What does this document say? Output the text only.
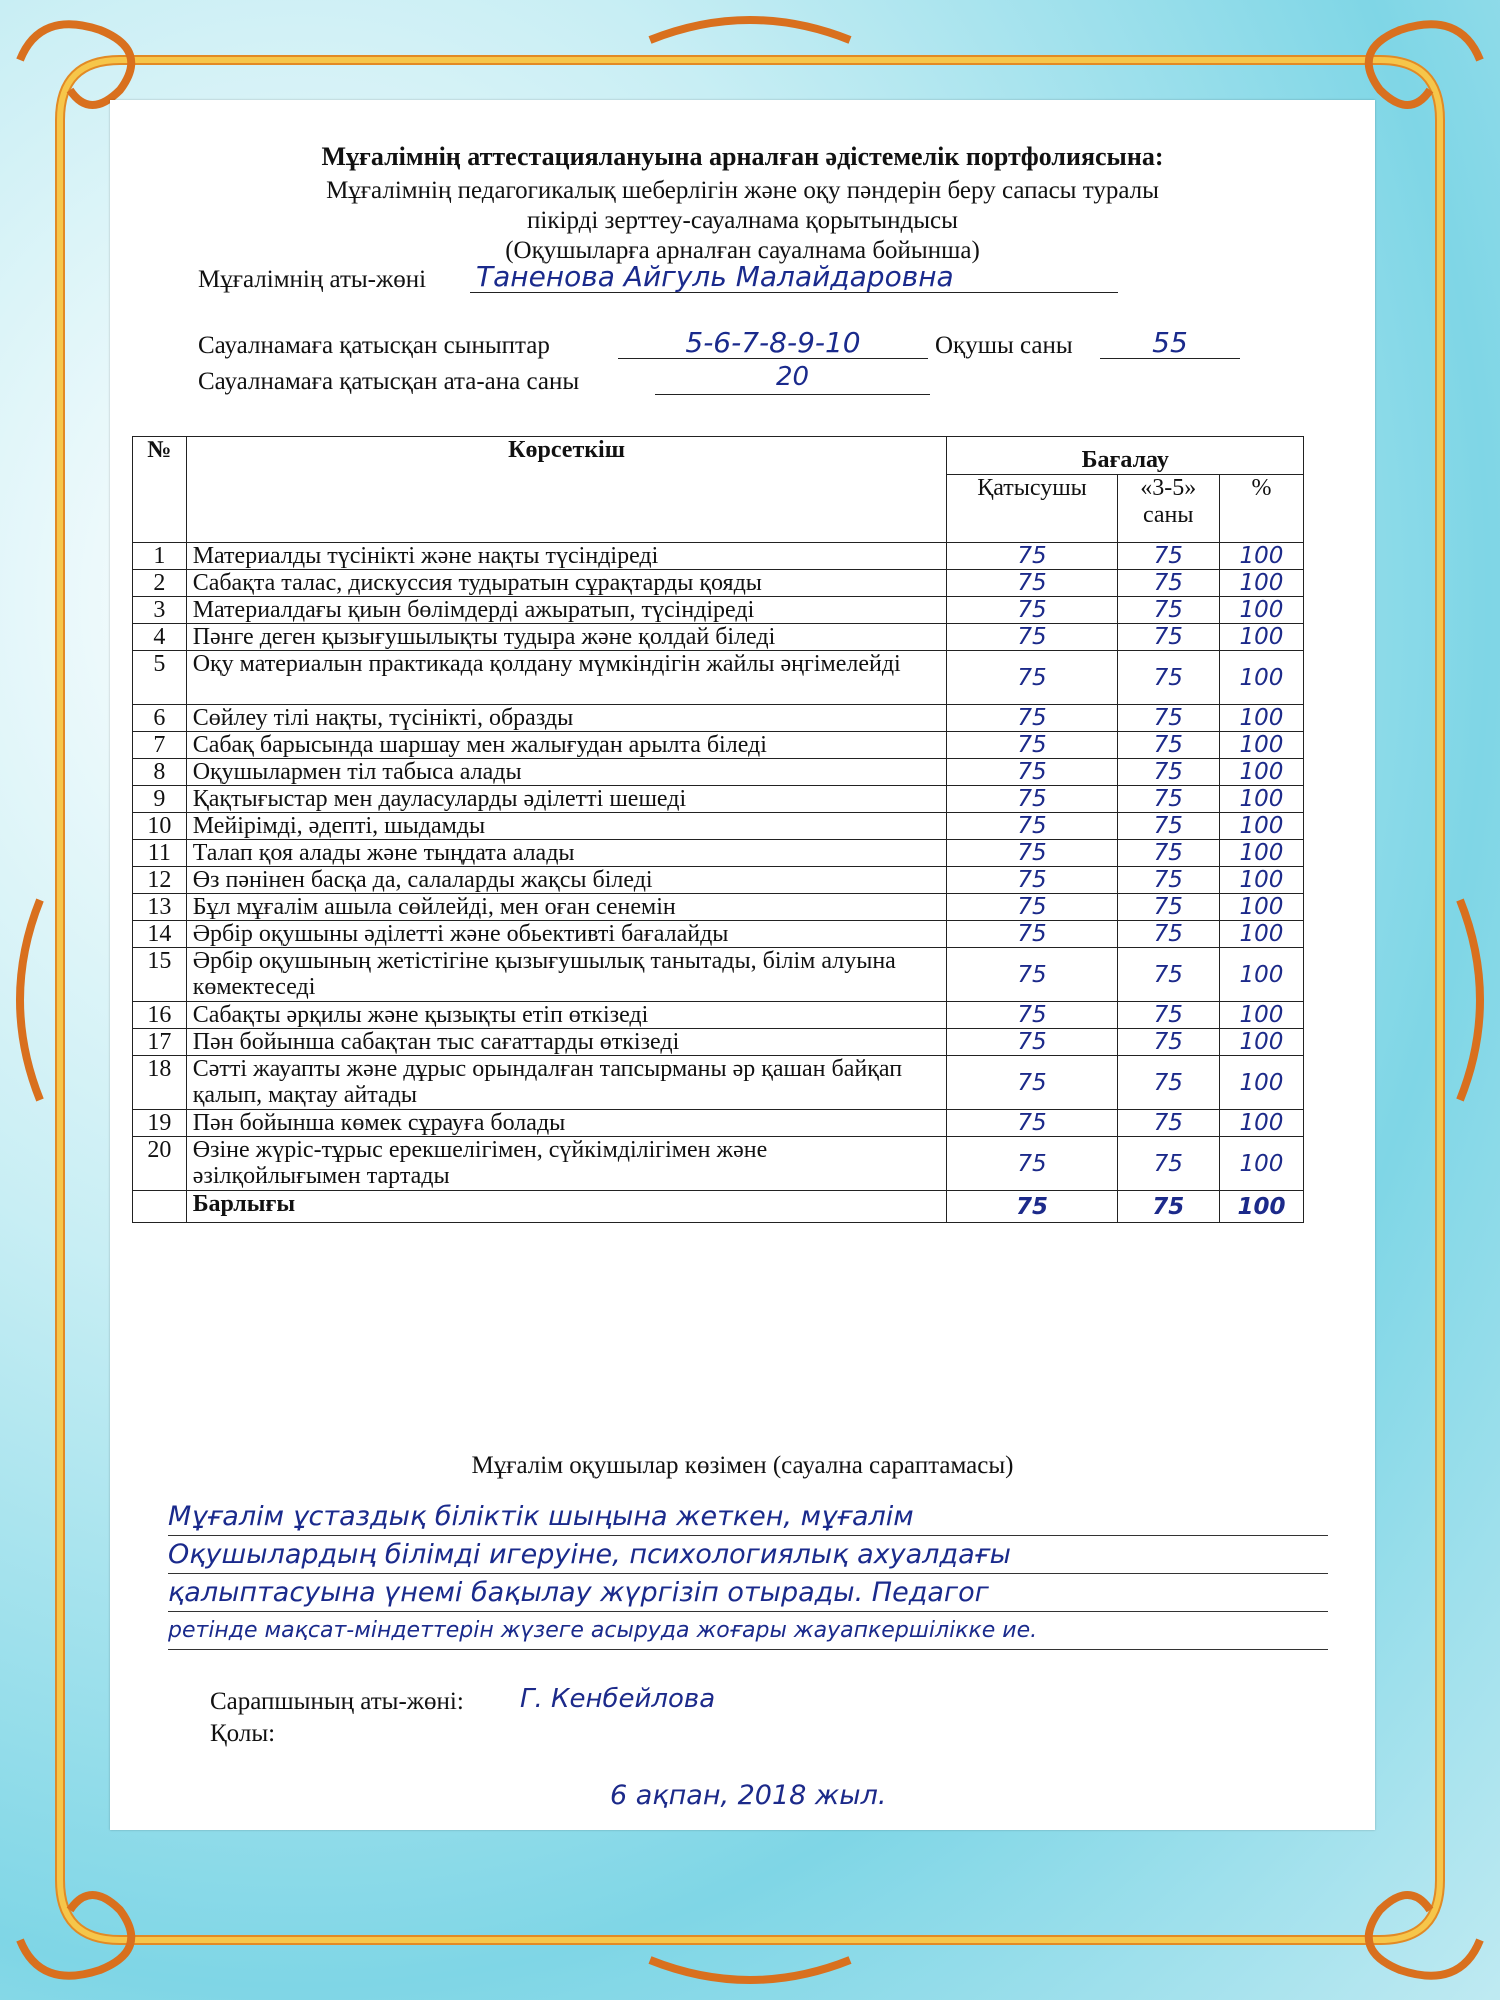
Мұғалімнің аттестациялануына арналған әдістемелік портфолиясына:
Мұғалімнің педагогикалық шеберлігін және оқу пәндерін беру сапасы туралы
пікірді зерттеу-сауалнама қорытындысы
(Оқушыларға арналған сауалнама бойынша)
Мұғалімнің аты-жөні Таненова Айгуль Малайдаровна
Сауалнамаға қатысқан сыныптар	5-6-7-8-9-10	Оқушы саны	55
Сауалнамаға қатысқан ата-ана саны	20
№	Көрсеткіш	Бағалау		
		Қатысушы	«3-5» саны	%
1	Материалды түсінікті және нақты түсіндіреді	75	75	100
2	Сабақта талас, дискуссия тудыратын сұрақтарды қояды	75	75	100
3	Материалдағы қиын бөлімдерді ажыратып, түсіндіреді	75	75	100
4	Пәнге деген қызығушылықты тудыра және қолдай біледі	75	75	100
5	Оқу материалын практикада қолдану мүмкіндігін жайлы әңгімелейді	75	75	100
6	Сөйлеу тілі нақты, түсінікті, образды	75	75	100
7	Сабақ барысында шаршау мен жалығудан арылта біледі	75	75	100
8	Оқушылармен тіл табыса алады	75	75	100
9	Қақтығыстар мен дауласуларды әділетті шешеді	75	75	100
10	Мейірімді, әдепті, шыдамды	75	75	100
11	Талап қоя алады және тыңдата алады	75	75	100
12	Өз пәнінен басқа да, салаларды жақсы біледі	75	75	100
13	Бұл мұғалім ашыла сөйлейді, мен оған сенемін	75	75	100
14	Әрбір оқушыны әділетті және обьективті бағалайды	75	75	100
15	Әрбір оқушының жетістігіне қызығушылық танытады, білім алуына көмектеседі	75	75	100
16	Сабақты әрқилы және қызықты етіп өткізеді	75	75	100
17	Пән бойынша сабақтан тыс сағаттарды өткізеді	75	75	100
18	Сәтті жауапты және дұрыс орындалған тапсырманы әр қашан байқап қалып, мақтау айтады	75	75	100
19	Пән бойынша көмек сұрауға болады	75	75	100
20	Өзіне жүріс-тұрыс ерекшелігімен, сүйкімділігімен және әзілқойлығымен тартады	75	75	100
	Барлығы	75	75	100
Мұғалім оқушылар көзімен (сауална сараптамасы)
Мұғалім ұстаздық біліктік шыңына жеткен, мұғалім
Оқушылардың білімді игеруіне, психологиялық ахуалдағы
қалыптасуына үнемі бақылау жүргізіп отырады. Педагог
ретінде мақсат-міндеттерін жүзеге асыруда жоғары жауапкершілікке ие.
Сарапшының аты-жөні: Г. Кенбейлова
Қолы:
6 ақпан, 2018 жыл.
